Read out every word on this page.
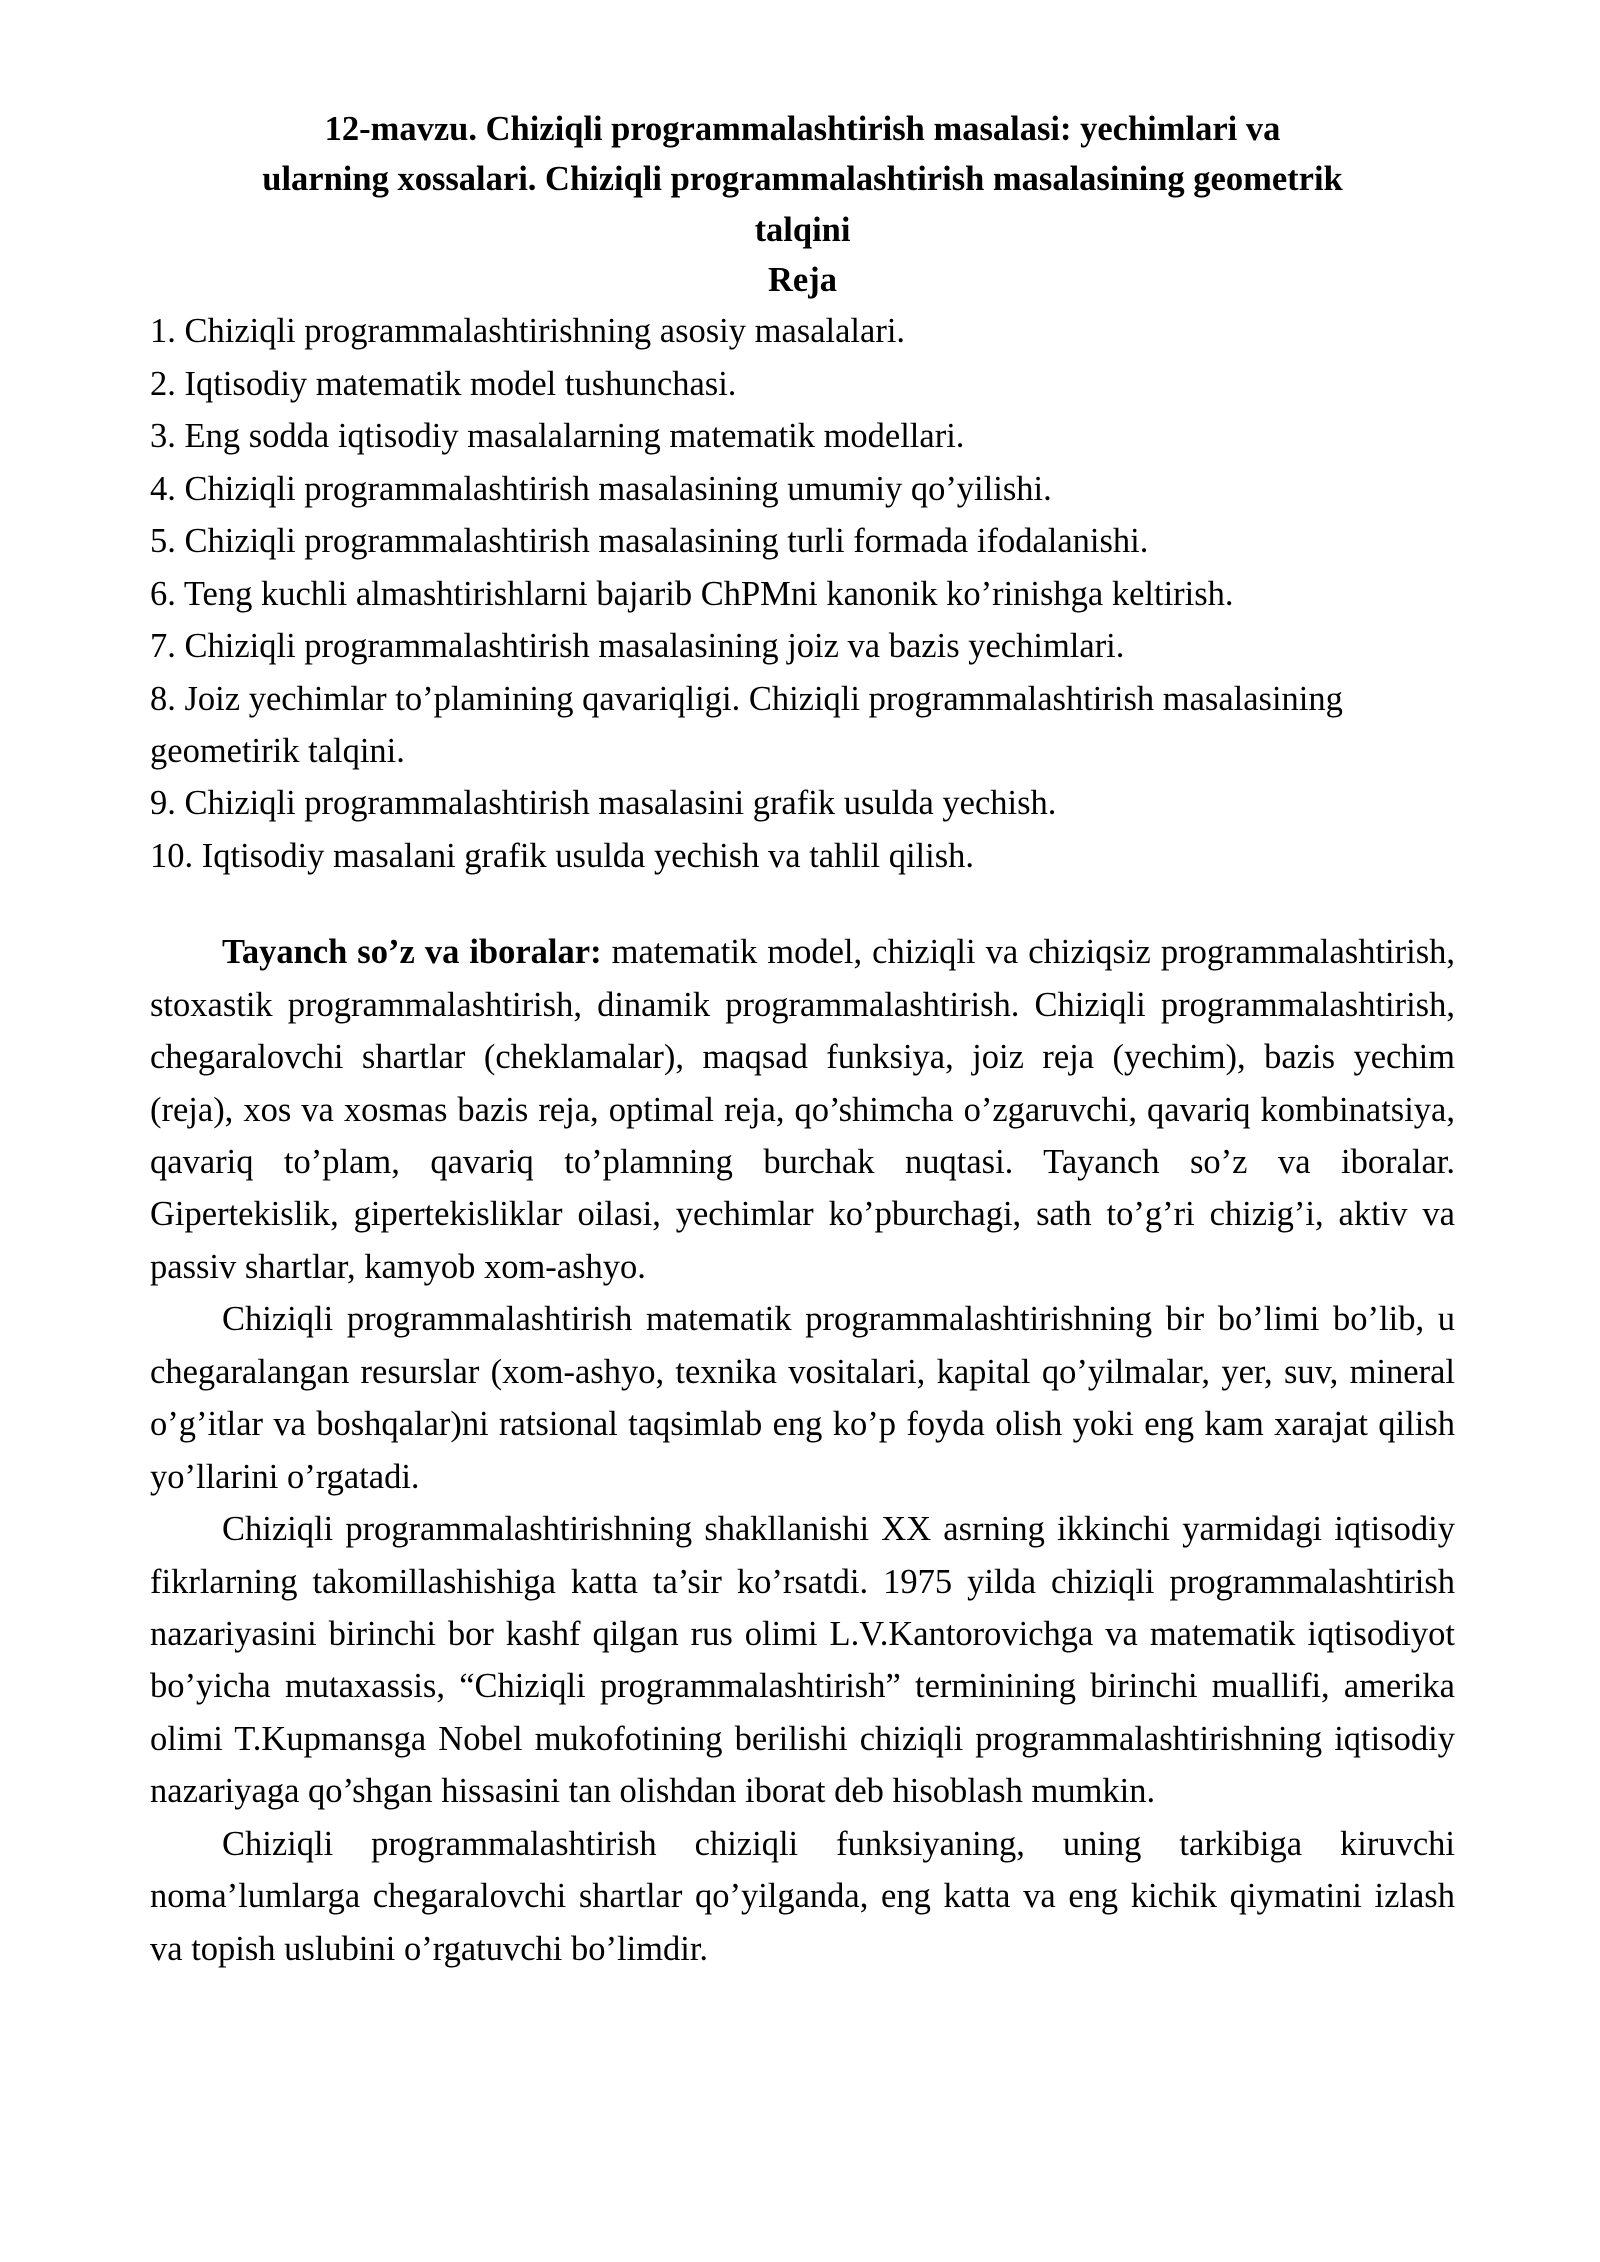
12-mavzu. Chiziqli programmalashtirish masalasi: yechimlari va
ularning xossalari. Chiziqli programmalashtirish masalasining geometrik
talqini
Reja
1. Chiziqli programmalashtirishning asosiy masalalari.
2. Iqtisodiy matematik model tushunchasi.
3. Eng sodda iqtisodiy masalalarning matematik modellari.
4. Chiziqli programmalashtirish masalasining umumiy qo’yilishi.
5. Chiziqli programmalashtirish masalasining turli formada ifodalanishi.
6. Teng kuchli almashtirishlarni bajarib ChPMni kanonik ko’rinishga keltirish.
7. Chiziqli programmalashtirish masalasining joiz va bazis yechimlari.
8. Joiz yechimlar to’plamining qavariqligi. Chiziqli programmalashtirish masalasining geometirik talqini.
9. Chiziqli programmalashtirish masalasini grafik usulda yechish.
10. Iqtisodiy masalani grafik usulda yechish va tahlil qilish.

Tayanch so’z va iboralar: matematik model, chiziqli va chiziqsiz programmalashtirish, stoxastik programmalashtirish, dinamik programmalashtirish. Chiziqli programmalashtirish, chegaralovchi shartlar (cheklamalar), maqsad funksiya, joiz reja (yechim), bazis yechim (reja), xos va xosmas bazis reja, optimal reja, qo’shimcha o’zgaruvchi, qavariq kombinatsiya, qavariq to’plam, qavariq to’plamning burchak nuqtasi. Tayanch so’z va iboralar. Gipertekislik, gipertekisliklar oilasi, yechimlar ko’pburchagi, sath to’g’ri chizig’i, aktiv va passiv shartlar, kamyob xom-ashyo.

Chiziqli programmalashtirish matematik programmalashtirishning bir bo’limi bo’lib, u chegaralangan resurslar (xom-ashyo, texnika vositalari, kapital qo’yilmalar, yer, suv, mineral o’g’itlar va boshqalar)ni ratsional taqsimlab eng ko’p foyda olish yoki eng kam xarajat qilish yo’llarini o’rgatadi.

Chiziqli programmalashtirishning shakllanishi XX asrning ikkinchi yarmidagi iqtisodiy fikrlarning takomillashishiga katta ta’sir ko’rsatdi. 1975 yilda chiziqli programmalashtirish nazariyasini birinchi bor kashf qilgan rus olimi L.V.Kantorovichga va matematik iqtisodiyot bo’yicha mutaxassis, “Chiziqli programmalashtirish” terminining birinchi muallifi, amerika olimi T.Kupmansga Nobel mukofotining berilishi chiziqli programmalashtirishning iqtisodiy nazariyaga qo’shgan hissasini tan olishdan iborat deb hisoblash mumkin.

Chiziqli programmalashtirish chiziqli funksiyaning, uning tarkibiga kiruvchi noma’lumlarga chegaralovchi shartlar qo’yilganda, eng katta va eng kichik qiymatini izlash va topish uslubini o’rgatuvchi bo’limdir.
